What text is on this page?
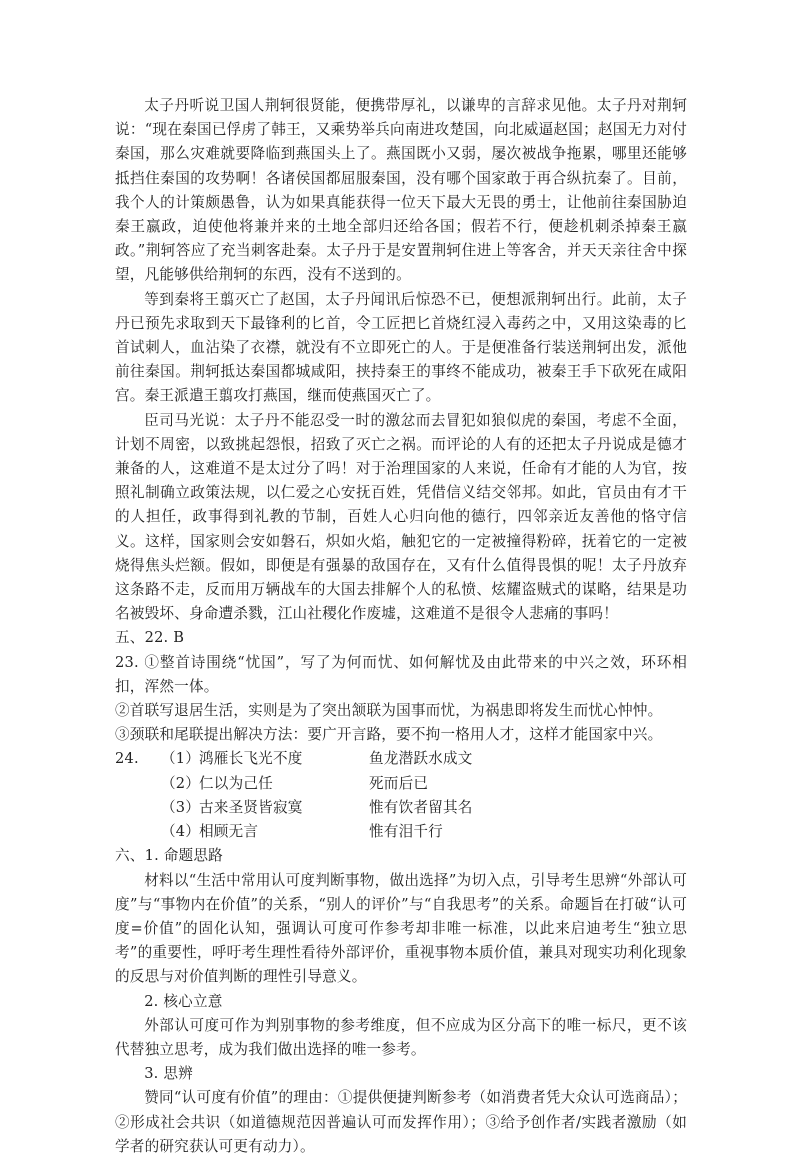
太子丹听说卫国人荆轲很贤能，便携带厚礼，以谦卑的言辞求见他。太子丹对荆轲说：“现在秦国已俘虏了韩王，又乘势举兵向南进攻楚国，向北威逼赵国；赵国无力对付秦国，那么灾难就要降临到燕国头上了。燕国既小又弱，屡次被战争拖累，哪里还能够抵挡住秦国的攻势啊！各诸侯国都屈服秦国，没有哪个国家敢于再合纵抗秦了。目前，我个人的计策颇愚鲁，认为如果真能获得一位天下最大无畏的勇士，让他前往秦国胁迫秦王嬴政，迫使他将兼并来的土地全部归还给各国；假若不行，便趁机刺杀掉秦王嬴政。”荆轲答应了充当刺客赴秦。太子丹于是安置荆轲住进上等客舍，并天天亲往舍中探望，凡能够供给荆轲的东西，没有不送到的。

等到秦将王翦灭亡了赵国，太子丹闻讯后惊恐不已，便想派荆轲出行。此前，太子丹已预先求取到天下最锋利的匕首，令工匠把匕首烧红浸入毒药之中，又用这染毒的匕首试刺人，血沾染了衣襟，就没有不立即死亡的人。于是便准备行装送荆轲出发，派他前往秦国。荆轲抵达秦国都城咸阳，挟持秦王的事终不能成功，被秦王手下砍死在咸阳宫。秦王派遣王翦攻打燕国，继而使燕国灭亡了。

臣司马光说：太子丹不能忍受一时的激忿而去冒犯如狼似虎的秦国，考虑不全面，计划不周密，以致挑起怨恨，招致了灭亡之祸。而评论的人有的还把太子丹说成是德才兼备的人，这难道不是太过分了吗！对于治理国家的人来说，任命有才能的人为官，按照礼制确立政策法规，以仁爱之心安抚百姓，凭借信义结交邻邦。如此，官员由有才干的人担任，政事得到礼教的节制，百姓人心归向他的德行，四邻亲近友善他的恪守信义。这样，国家则会安如磐石，炽如火焰，触犯它的一定被撞得粉碎，抚着它的一定被烧得焦头烂额。假如，即便是有强暴的敌国存在，又有什么值得畏惧的呢！太子丹放弃这条路不走，反而用万辆战车的大国去排解个人的私愤、炫耀盗贼式的谋略，结果是功名被毁坏、身命遭杀戮，江山社稷化作废墟，这难道不是很令人悲痛的事吗！

五、22. B

23. ①整首诗围绕“忧国”，写了为何而忧、如何解忧及由此带来的中兴之效，环环相扣，浑然一体。

②首联写退居生活，实则是为了突出颔联为国事而忧，为祸患即将发生而忧心忡忡。

③颈联和尾联提出解决方法：要广开言路，要不拘一格用人才，这样才能国家中兴。

24.	（1）
鸿雁长飞光不度	鱼龙潜跃水成文
（2）
仁以为己任	死而后已
（3）
古来圣贤皆寂寞	惟有饮者留其名
（4）
相顾无言	惟有泪千行

六、1. 命题思路

材料以“生活中常用认可度判断事物，做出选择”为切入点，引导考生思辨“外部认可度”与“事物内在价值”的关系，“别人的评价”与“自我思考”的关系。命题旨在打破“认可度=价值”的固化认知，强调认可度可作参考却非唯一标准，以此来启迪考生“独立思考”的重要性，呼吁考生理性看待外部评价，重视事物本质价值，兼具对现实功利化现象的反思与对价值判断的理性引导意义。

2. 核心立意

外部认可度可作为判别事物的参考维度，但不应成为区分高下的唯一标尺，更不该代替独立思考，成为我们做出选择的唯一参考。

3. 思辨

赞同“认可度有价值”的理由：①提供便捷判断参考（如消费者凭大众认可选商品）；②形成社会共识（如道德规范因普遍认可而发挥作用）；③给予创作者/实践者激励（如学者的研究获认可更有动力）。
